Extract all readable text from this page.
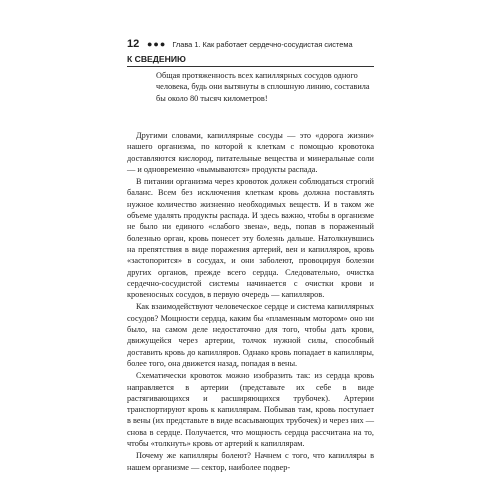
12 ●●● Глава 1. Как работает сердечно-сосудистая система
К СВЕДЕНИЮ
Общая протяженность всех капиллярных сосудов одного человека, будь они вытянуты в сплошную линию, составила бы около 80 тысяч километров!

Другими словами, капиллярные сосуды — это «дорога жизни» нашего организма, по которой к клеткам с помощью кровотока доставляются кислород, питательные вещества и минеральные соли — и одновременно «вымываются» продукты распада.

В питании организма через кровоток должен соблюдаться строгий баланс. Всем без исключения клеткам кровь должна поставлять нужное количество жизненно необходимых веществ. И в таком же объеме удалять продукты распада. И здесь важно, чтобы в организме не было ни единого «слабого звена», ведь, попав в пораженный болезнью орган, кровь понесет эту болезнь дальше. Натолкнувшись на препятствия в виде поражения артерий, вен и капилляров, кровь «застопорится» в сосудах, и они заболеют, провоцируя болезни других органов, прежде всего сердца. Следовательно, очистка сердечно-сосудистой системы начинается с очистки крови и кровеносных сосудов, в первую очередь — капилляров.

Как взаимодействуют человеческое сердце и система капиллярных сосудов? Мощности сердца, каким бы «пламенным мотором» оно ни было, на самом деле недостаточно для того, чтобы дать крови, движущейся через артерии, толчок нужной силы, способный доставить кровь до капилляров. Однако кровь попадает в капилляры, более того, она движется назад, попадая в вены.

Схематически кровоток можно изобразить так: из сердца кровь направляется в артерии (представьте их себе в виде растягивающихся и расширяющихся трубочек). Артерии транспортируют кровь к капиллярам. Побывав там, кровь поступает в вены (их представьте в виде всасывающих трубочек) и через них — снова в сердце. Получается, что мощность сердца рассчитана на то, чтобы «толкнуть» кровь от артерий к капиллярам.

Почему же капилляры болеют? Начнем с того, что капилляры в нашем организме — сектор, наиболее подвер-
